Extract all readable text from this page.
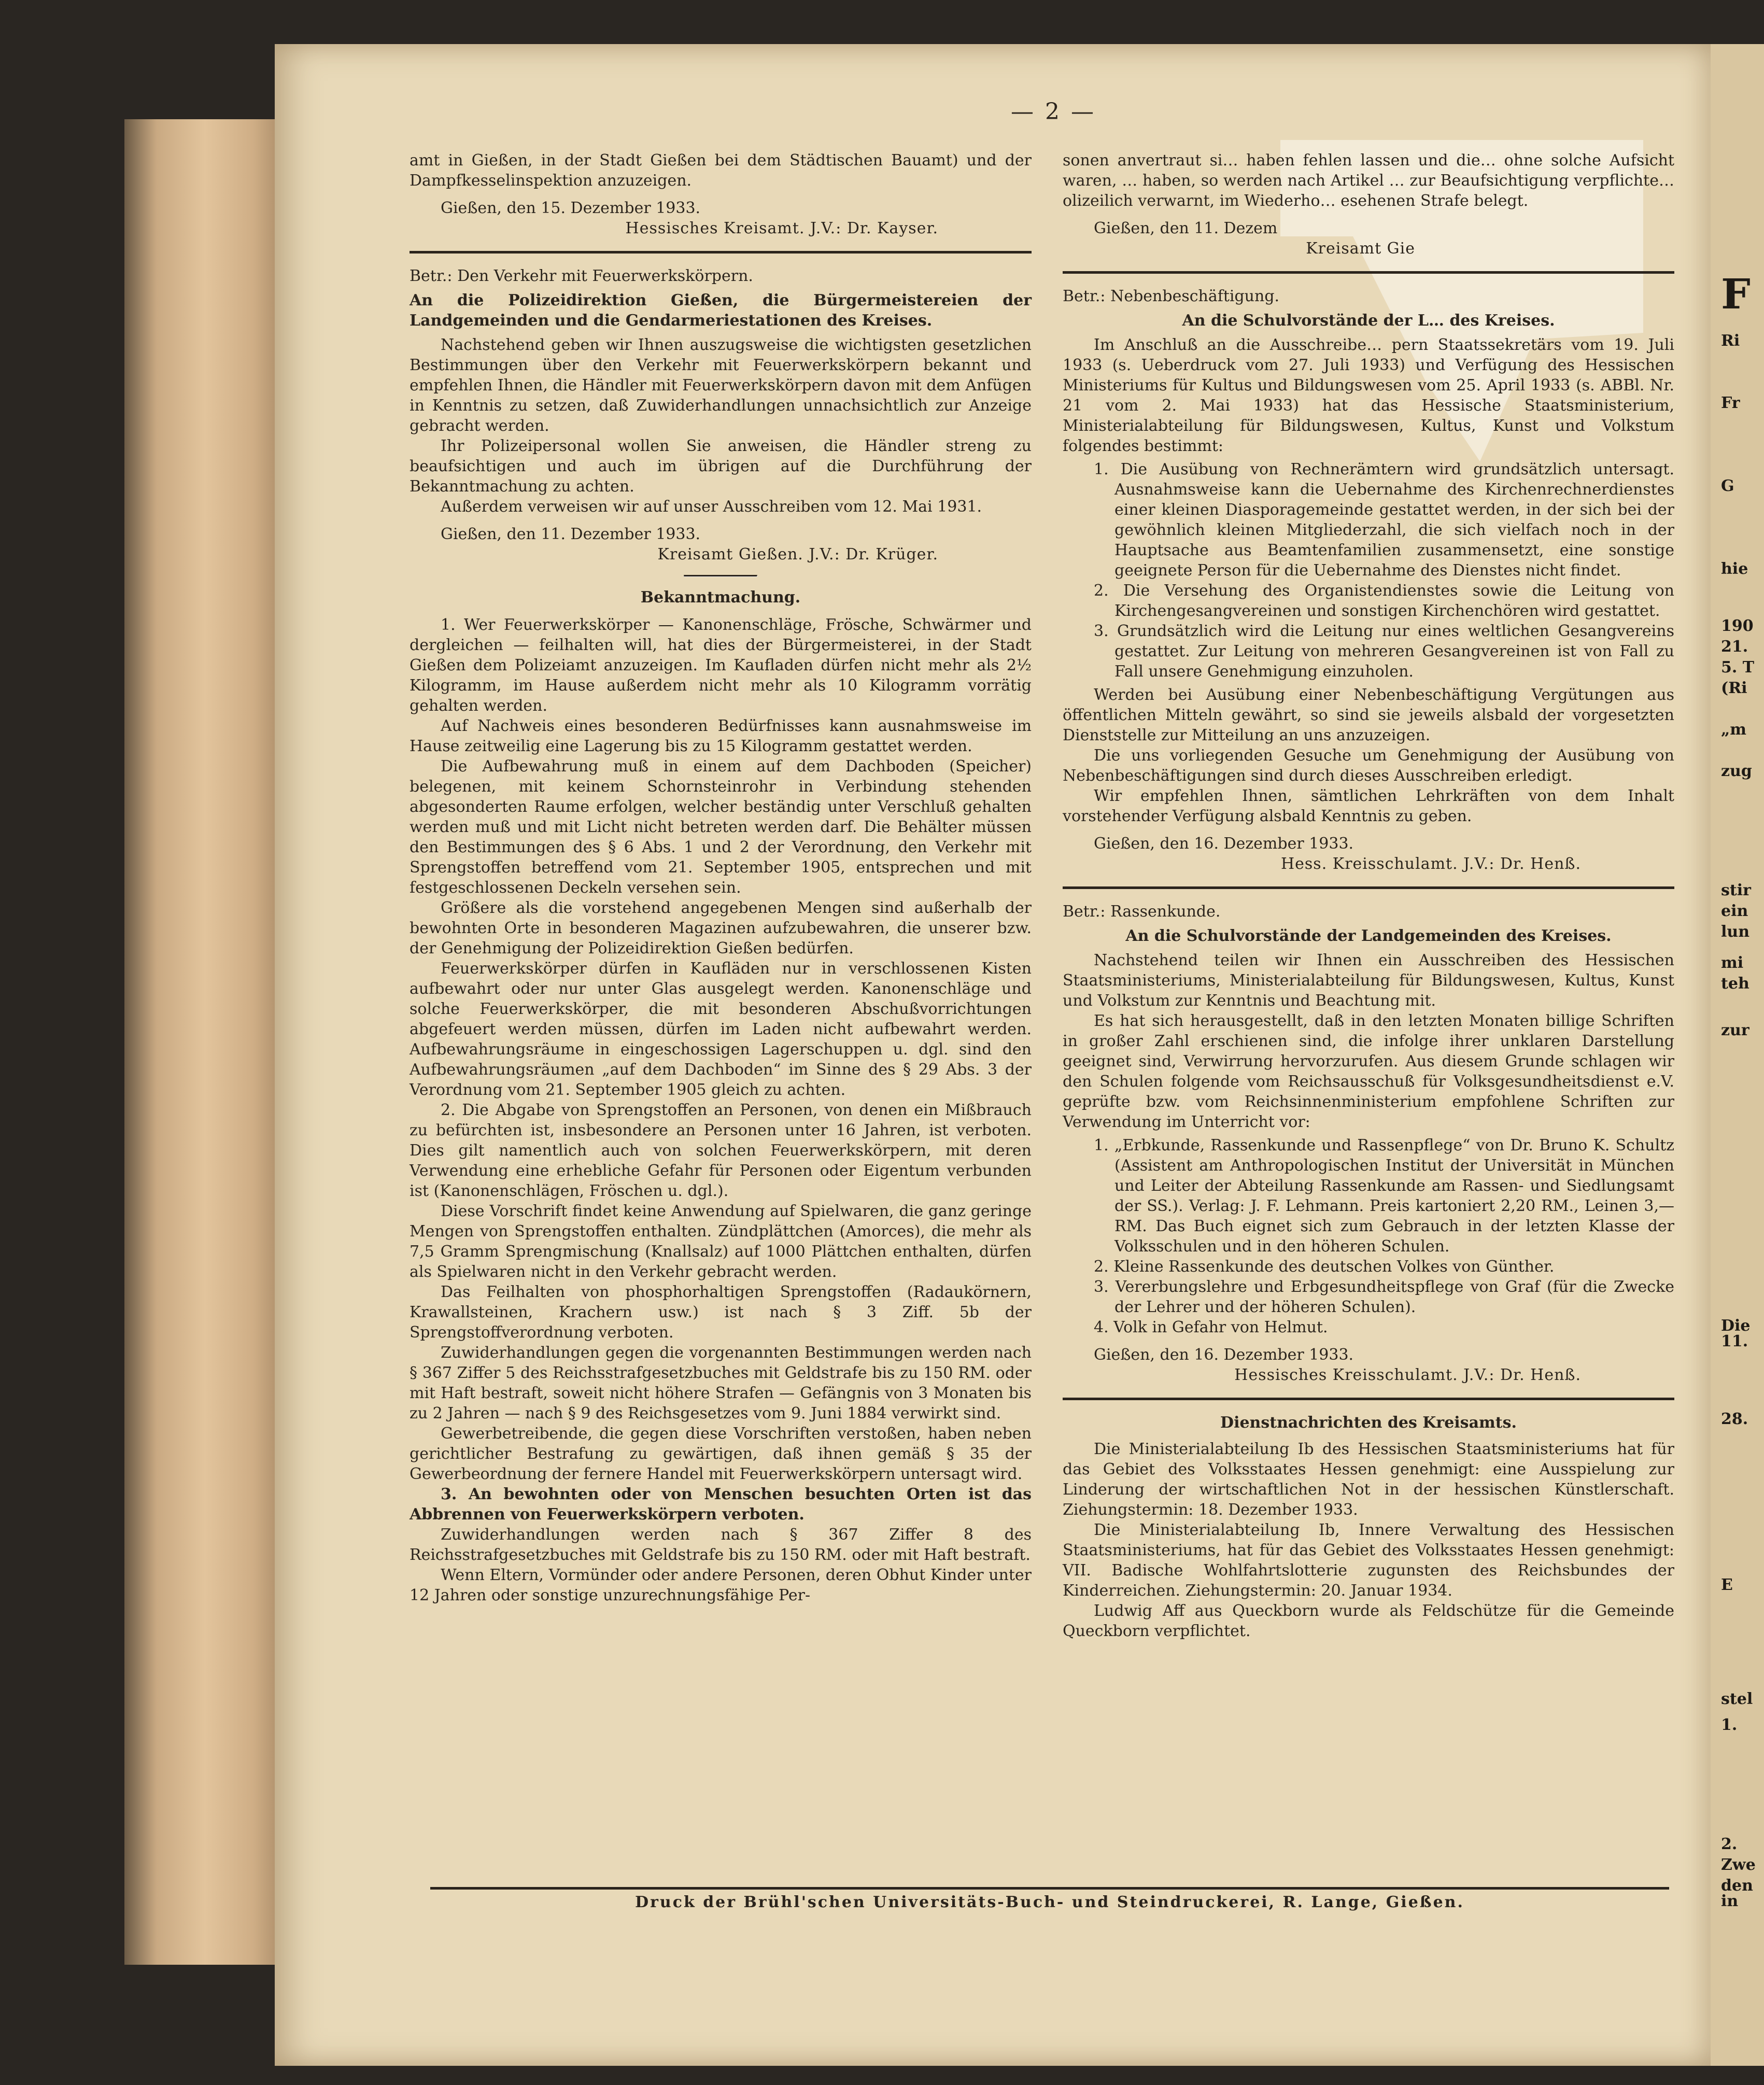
— 2 —

amt in Gießen, in der Stadt Gießen bei dem Städtischen Bauamt) und der Dampfkesselinspektion anzuzeigen.

Gießen, den 15. Dezember 1933.

Hessisches Kreisamt. J.V.: Dr. Kayser.

Betr.: Den Verkehr mit Feuerwerkskörpern.

An die Polizeidirektion Gießen, die Bürgermeistereien der Landgemeinden und die Gendarmeriestationen des Kreises.

Nachstehend geben wir Ihnen auszugsweise die wichtigsten gesetzlichen Bestimmungen über den Verkehr mit Feuerwerkskörpern bekannt und empfehlen Ihnen, die Händler mit Feuerwerkskörpern davon mit dem Anfügen in Kenntnis zu setzen, daß Zuwiderhandlungen unnachsichtlich zur Anzeige gebracht werden.

Ihr Polizeipersonal wollen Sie anweisen, die Händler streng zu beaufsichtigen und auch im übrigen auf die Durchführung der Bekanntmachung zu achten.

Außerdem verweisen wir auf unser Ausschreiben vom 12. Mai 1931.

Gießen, den 11. Dezember 1933.

Kreisamt Gießen. J.V.: Dr. Krüger.

Bekanntmachung.

1. Wer Feuerwerkskörper — Kanonenschläge, Frösche, Schwärmer und dergleichen — feilhalten will, hat dies der Bürgermeisterei, in der Stadt Gießen dem Polizeiamt anzuzeigen. Im Kaufladen dürfen nicht mehr als 2½ Kilogramm, im Hause außerdem nicht mehr als 10 Kilogramm vorrätig gehalten werden.

Auf Nachweis eines besonderen Bedürfnisses kann ausnahmsweise im Hause zeitweilig eine Lagerung bis zu 15 Kilogramm gestattet werden.

Die Aufbewahrung muß in einem auf dem Dachboden (Speicher) belegenen, mit keinem Schornsteinrohr in Verbindung stehenden abgesonderten Raume erfolgen, welcher beständig unter Verschluß gehalten werden muß und mit Licht nicht betreten werden darf. Die Behälter müssen den Bestimmungen des § 6 Abs. 1 und 2 der Verordnung, den Verkehr mit Sprengstoffen betreffend vom 21. September 1905, entsprechen und mit festgeschlossenen Deckeln versehen sein.

Größere als die vorstehend angegebenen Mengen sind außerhalb der bewohnten Orte in besonderen Magazinen aufzubewahren, die unserer bzw. der Genehmigung der Polizeidirektion Gießen bedürfen.

Feuerwerkskörper dürfen in Kaufläden nur in verschlossenen Kisten aufbewahrt oder nur unter Glas ausgelegt werden. Kanonenschläge und solche Feuerwerkskörper, die mit besonderen Abschußvorrichtungen abgefeuert werden müssen, dürfen im Laden nicht aufbewahrt werden. Aufbewahrungsräume in eingeschossigen Lagerschuppen u. dgl. sind den Aufbewahrungsräumen „auf dem Dachboden“ im Sinne des § 29 Abs. 3 der Verordnung vom 21. September 1905 gleich zu achten.

2. Die Abgabe von Sprengstoffen an Personen, von denen ein Mißbrauch zu befürchten ist, insbesondere an Personen unter 16 Jahren, ist verboten. Dies gilt namentlich auch von solchen Feuerwerkskörpern, mit deren Verwendung eine erhebliche Gefahr für Personen oder Eigentum verbunden ist (Kanonenschlägen, Fröschen u. dgl.).

Diese Vorschrift findet keine Anwendung auf Spielwaren, die ganz geringe Mengen von Sprengstoffen enthalten. Zündplättchen (Amorces), die mehr als 7,5 Gramm Sprengmischung (Knallsalz) auf 1000 Plättchen enthalten, dürfen als Spielwaren nicht in den Verkehr gebracht werden.

Das Feilhalten von phosphorhaltigen Sprengstoffen (Radaukörnern, Krawallsteinen, Krachern usw.) ist nach § 3 Ziff. 5b der Sprengstoffverordnung verboten.

Zuwiderhandlungen gegen die vorgenannten Bestimmungen werden nach § 367 Ziffer 5 des Reichsstrafgesetzbuches mit Geldstrafe bis zu 150 RM. oder mit Haft bestraft, soweit nicht höhere Strafen — Gefängnis von 3 Monaten bis zu 2 Jahren — nach § 9 des Reichsgesetzes vom 9. Juni 1884 verwirkt sind.

Gewerbetreibende, die gegen diese Vorschriften verstoßen, haben neben gerichtlicher Bestrafung zu gewärtigen, daß ihnen gemäß § 35 der Gewerbeordnung der fernere Handel mit Feuerwerkskörpern untersagt wird.

3. An bewohnten oder von Menschen besuchten Orten ist das Abbrennen von Feuerwerkskörpern verboten.

Zuwiderhandlungen werden nach § 367 Ziffer 8 des Reichsstrafgesetzbuches mit Geldstrafe bis zu 150 RM. oder mit Haft bestraft.

Wenn Eltern, Vormünder oder andere Personen, deren Obhut Kinder unter 12 Jahren oder sonstige unzurechnungsfähige Per-

sonen anvertraut si… haben fehlen lassen und die… ohne solche Aufsicht waren, … haben, so werden nach Artikel … zur Beaufsichtigung verpflichte… olizeilich verwarnt, im Wiederho… esehenen Strafe belegt.

Gießen, den 11. Dezem

Kreisamt Gie

Betr.: Nebenbeschäftigung.

An die Schulvorstände der L… des Kreises.

Im Anschluß an die Ausschreibe… pern Staatssekretärs vom 19. Juli 1933 (s. Ueberdruck vom 27. Juli 1933) und Verfügung des Hessischen Ministeriums für Kultus und Bildungswesen vom 25. April 1933 (s. ABBl. Nr. 21 vom 2. Mai 1933) hat das Hessische Staatsministerium, Ministerialabteilung für Bildungswesen, Kultus, Kunst und Volkstum folgendes bestimmt:

1. Die Ausübung von Rechnerämtern wird grundsätzlich untersagt. Ausnahmsweise kann die Uebernahme des Kirchenrechnerdienstes einer kleinen Diasporagemeinde gestattet werden, in der sich bei der gewöhnlich kleinen Mitgliederzahl, die sich vielfach noch in der Hauptsache aus Beamtenfamilien zusammensetzt, eine sonstige geeignete Person für die Uebernahme des Dienstes nicht findet.
2. Die Versehung des Organistendienstes sowie die Leitung von Kirchengesangvereinen und sonstigen Kirchenchören wird gestattet.
3. Grundsätzlich wird die Leitung nur eines weltlichen Gesangvereins gestattet. Zur Leitung von mehreren Gesangvereinen ist von Fall zu Fall unsere Genehmigung einzuholen.

Werden bei Ausübung einer Nebenbeschäftigung Vergütungen aus öffentlichen Mitteln gewährt, so sind sie jeweils alsbald der vorgesetzten Dienststelle zur Mitteilung an uns anzuzeigen.

Die uns vorliegenden Gesuche um Genehmigung der Ausübung von Nebenbeschäftigungen sind durch dieses Ausschreiben erledigt.

Wir empfehlen Ihnen, sämtlichen Lehrkräften von dem Inhalt vorstehender Verfügung alsbald Kenntnis zu geben.

Gießen, den 16. Dezember 1933.

Hess. Kreisschulamt. J.V.: Dr. Henß.

Betr.: Rassenkunde.

An die Schulvorstände der Landgemeinden des Kreises.

Nachstehend teilen wir Ihnen ein Ausschreiben des Hessischen Staatsministeriums, Ministerialabteilung für Bildungswesen, Kultus, Kunst und Volkstum zur Kenntnis und Beachtung mit.

Es hat sich herausgestellt, daß in den letzten Monaten billige Schriften in großer Zahl erschienen sind, die infolge ihrer unklaren Darstellung geeignet sind, Verwirrung hervorzurufen. Aus diesem Grunde schlagen wir den Schulen folgende vom Reichsausschuß für Volksgesundheitsdienst e.V. geprüfte bzw. vom Reichsinnenministerium empfohlene Schriften zur Verwendung im Unterricht vor:

1. „Erbkunde, Rassenkunde und Rassenpflege“ von Dr. Bruno K. Schultz (Assistent am Anthropologischen Institut der Universität in München und Leiter der Abteilung Rassenkunde am Rassen- und Siedlungsamt der SS.). Verlag: J. F. Lehmann. Preis kartoniert 2,20 RM., Leinen 3,— RM. Das Buch eignet sich zum Gebrauch in der letzten Klasse der Volksschulen und in den höheren Schulen.
2. Kleine Rassenkunde des deutschen Volkes von Günther.
3. Vererbungslehre und Erbgesundheitspflege von Graf (für die Zwecke der Lehrer und der höheren Schulen).
4. Volk in Gefahr von Helmut.

Gießen, den 16. Dezember 1933.

Hessisches Kreisschulamt. J.V.: Dr. Henß.

Dienstnachrichten des Kreisamts.

Die Ministerialabteilung Ib des Hessischen Staatsministeriums hat für das Gebiet des Volksstaates Hessen genehmigt: eine Ausspielung zur Linderung der wirtschaftlichen Not in der hessischen Künstlerschaft. Ziehungstermin: 18. Dezember 1933.

Die Ministerialabteilung Ib, Innere Verwaltung des Hessischen Staatsministeriums, hat für das Gebiet des Volksstaates Hessen genehmigt: VII. Badische Wohlfahrtslotterie zugunsten des Reichsbundes der Kinderreichen. Ziehungstermin: 20. Januar 1934.

Ludwig Aff aus Queckborn wurde als Feldschütze für die Gemeinde Queckborn verpflichtet.

Druck der Brühl'schen Universitäts-Buch- und Steindruckerei, R. Lange, Gießen.
F
Ri
Fr
G
hie
190
21.
5. T
(Ri
„m
zug
stir
ein
lun
mi
teh
zur
Die
11.
28.
E
stel
1.
2.
Zwe
den
in
